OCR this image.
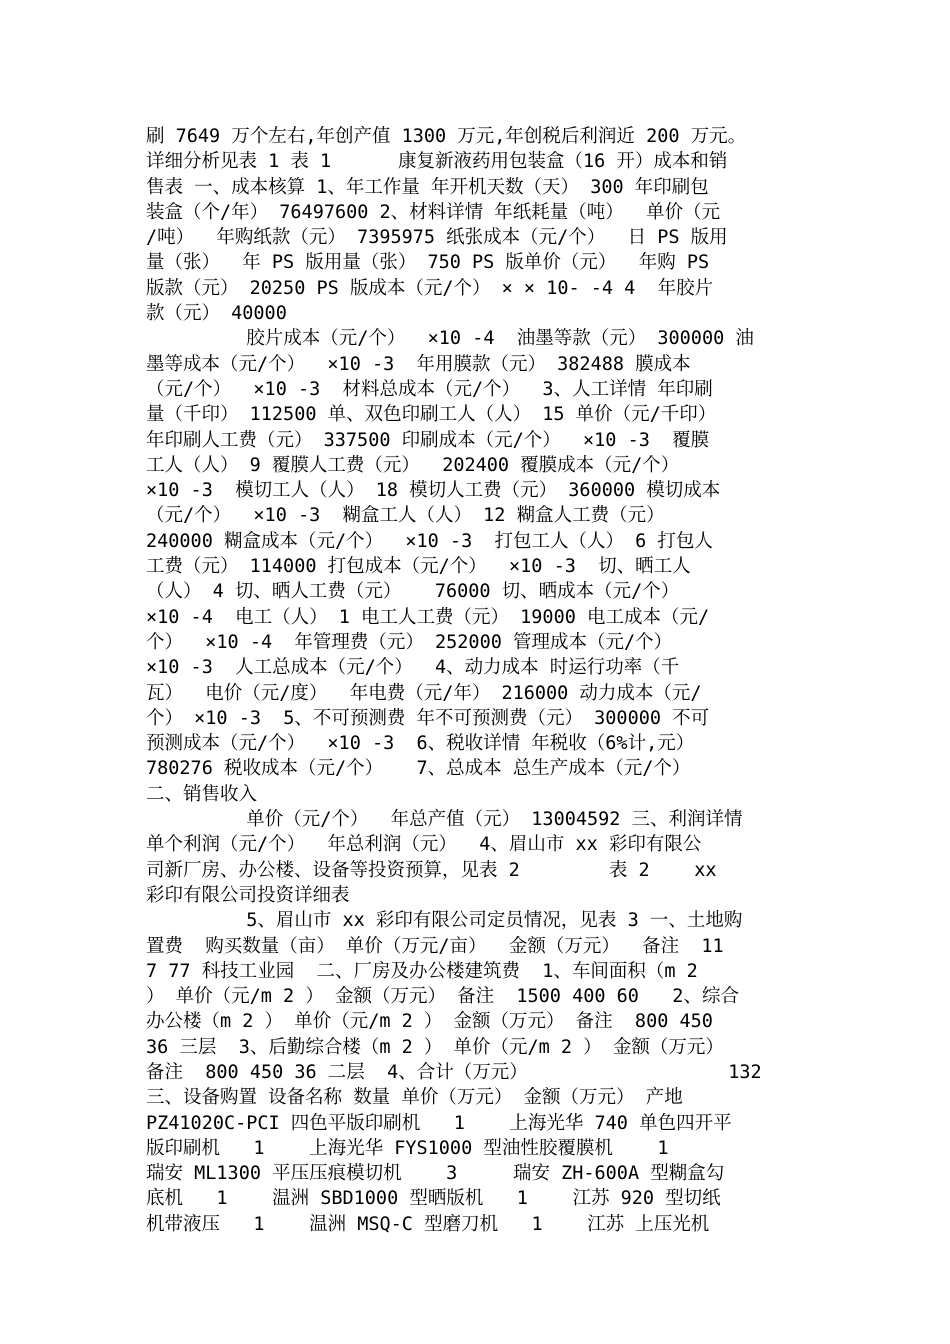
刷 7649 万个左右,年创产值 1300 万元,年创税后利润近 200 万元。
详细分析见表 1 表 1      康复新液药用包装盒（16 开）成本和销
售表 一、成本核算 1、年工作量 年开机天数（天） 300 年印刷包
装盒（个/年） 76497600 2、材料详情 年纸耗量（吨）  单价（元
/吨）  年购纸款（元） 7395975 纸张成本（元/个）  日 PS 版用
量（张）  年 PS 版用量（张） 750 PS 版单价（元）  年购 PS
版款（元） 20250 PS 版成本（元/个） × × 10- -4 4  年胶片
款（元） 40000
胶片成本（元/个）  ×10 -4  油墨等款（元） 300000 油
墨等成本（元/个）  ×10 -3  年用膜款（元） 382488 膜成本
（元/个）  ×10 -3  材料总成本（元/个）  3、人工详情 年印刷
量（千印） 112500 单、双色印刷工人（人） 15 单价（元/千印）
年印刷人工费（元） 337500 印刷成本（元/个）  ×10 -3  覆膜
工人（人） 9 覆膜人工费（元）  202400 覆膜成本（元/个）
×10 -3  模切工人（人） 18 模切人工费（元） 360000 模切成本
（元/个）  ×10 -3  糊盒工人（人） 12 糊盒人工费（元）
240000 糊盒成本（元/个）  ×10 -3  打包工人（人） 6 打包人
工费（元） 114000 打包成本（元/个）  ×10 -3  切、晒工人
（人） 4 切、晒人工费（元）   76000 切、晒成本（元/个）
×10 -4  电工（人） 1 电工人工费（元） 19000 电工成本（元/
个）  ×10 -4  年管理费（元） 252000 管理成本（元/个）
×10 -3  人工总成本（元/个）  4、动力成本 时运行功率（千
瓦）  电价（元/度）  年电费（元/年） 216000 动力成本（元/
个） ×10 -3  5、不可预测费 年不可预测费（元） 300000 不可
预测成本（元/个）  ×10 -3  6、税收详情 年税收（6%计,元）
780276 税收成本（元/个）   7、总成本 总生产成本（元/个）
二、销售收入
单价（元/个）  年总产值（元） 13004592 三、利润详情
单个利润（元/个）  年总利润（元）  4、眉山市 xx 彩印有限公
司新厂房、办公楼、设备等投资预算，见表 2        表 2    xx
彩印有限公司投资详细表
5、眉山市 xx 彩印有限公司定员情况，见表 3 一、土地购
置费  购买数量（亩） 单价（万元/亩）  金额（万元）  备注  11
7 77 科技工业园  二、厂房及办公楼建筑费  1、车间面积（m 2
） 单价（元/m 2 ） 金额（万元） 备注  1500 400 60   2、综合
办公楼（m 2 ） 单价（元/m 2 ） 金额（万元） 备注  800 450
36 三层  3、后勤综合楼（m 2 ） 单价（元/m 2 ） 金额（万元）
备注  800 450 36 二层  4、合计（万元）                  132
三、设备购置 设备名称 数量 单价（万元） 金额（万元） 产地
PZ41020C-PCI 四色平版印刷机   1    上海光华 740 单色四开平
版印刷机   1    上海光华 FYS1000 型油性胶覆膜机    1
瑞安 ML1300 平压压痕模切机    3     瑞安 ZH-600A 型糊盒勾
底机   1    温洲 SBD1000 型晒版机   1    江苏 920 型切纸
机带液压   1    温洲 MSQ-C 型磨刀机   1    江苏 上压光机
